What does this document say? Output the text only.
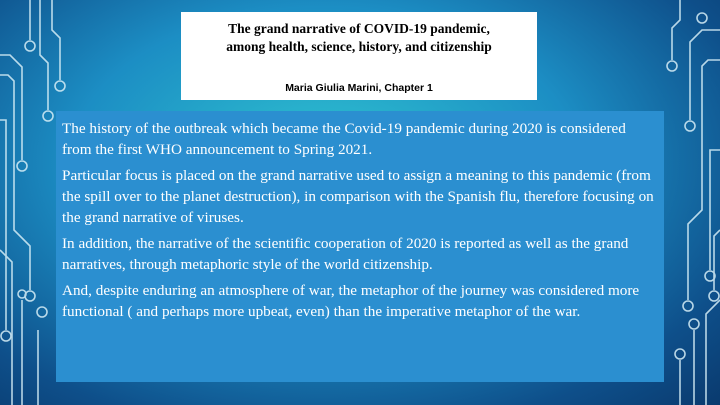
The grand narrative of COVID-19 pandemic,
among health, science, history, and citizenship
Maria Giulia Marini, Chapter 1

The history of the outbreak which became the Covid-19 pandemic during 2020 is considered from the first WHO announcement to Spring 2021.

Particular focus is placed on the grand narrative used to assign a meaning to this pandemic (from the spill over to the planet destruction), in comparison with the Spanish flu, therefore focusing on the grand narrative of viruses.

In addition, the narrative of the scientific cooperation of 2020 is reported as well as the grand narratives, through metaphoric style of the world citizenship.

And, despite enduring an atmosphere of war, the metaphor of the journey was considered more functional ( and perhaps more upbeat, even) than the imperative metaphor of the war.
